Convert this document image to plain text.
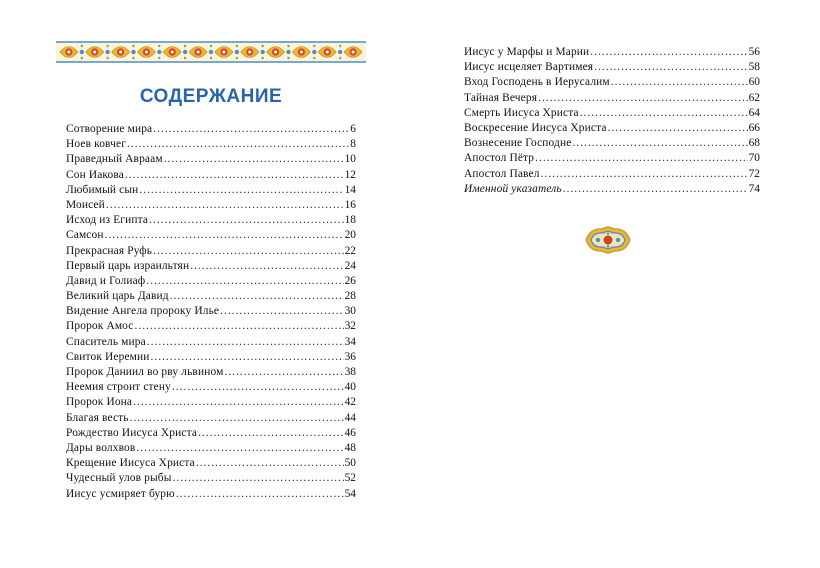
СОДЕРЖАНИЕ
Сотворение мира .....	6
Ноев ковчег .....	8
Праведный Авраам .....	10
Сон Иакова .....	12
Любимый сын .....	14
Моисей .....	16
Исход из Египта .....	18
Самсон .....	20
Прекрасная Руфь .....	22
Первый царь израильтян .....	24
Давид и Голиаф .....	26
Великий царь Давид .....	28
Видение Ангела пророку Илье .....	30
Пророк Амос .....	32
Спаситель мира .....	34
Свиток Иеремии .....	36
Пророк Даниил во рву львином .....	38
Неемия строит стену .....	40
Пророк Иона .....	42
Благая весть .....	44
Рождество Иисуса Христа .....	46
Дары волхвов .....	48
Крещение Иисуса Христа .....	50
Чудесный улов рыбы .....	52
Иисус усмиряет бурю .....	54
Иисус у Марфы и Марии .....	56
Иисус исцеляет Вартимея .....	58
Вход Господень в Иерусалим .....	60
Тайная Вечеря .....	62
Смерть Иисуса Христа .....	64
Воскресение Иисуса Христа .....	66
Вознесение Господне .....	68
Апостол Пётр .....	70
Апостол Павел .....	72
Именной указатель .....	74
